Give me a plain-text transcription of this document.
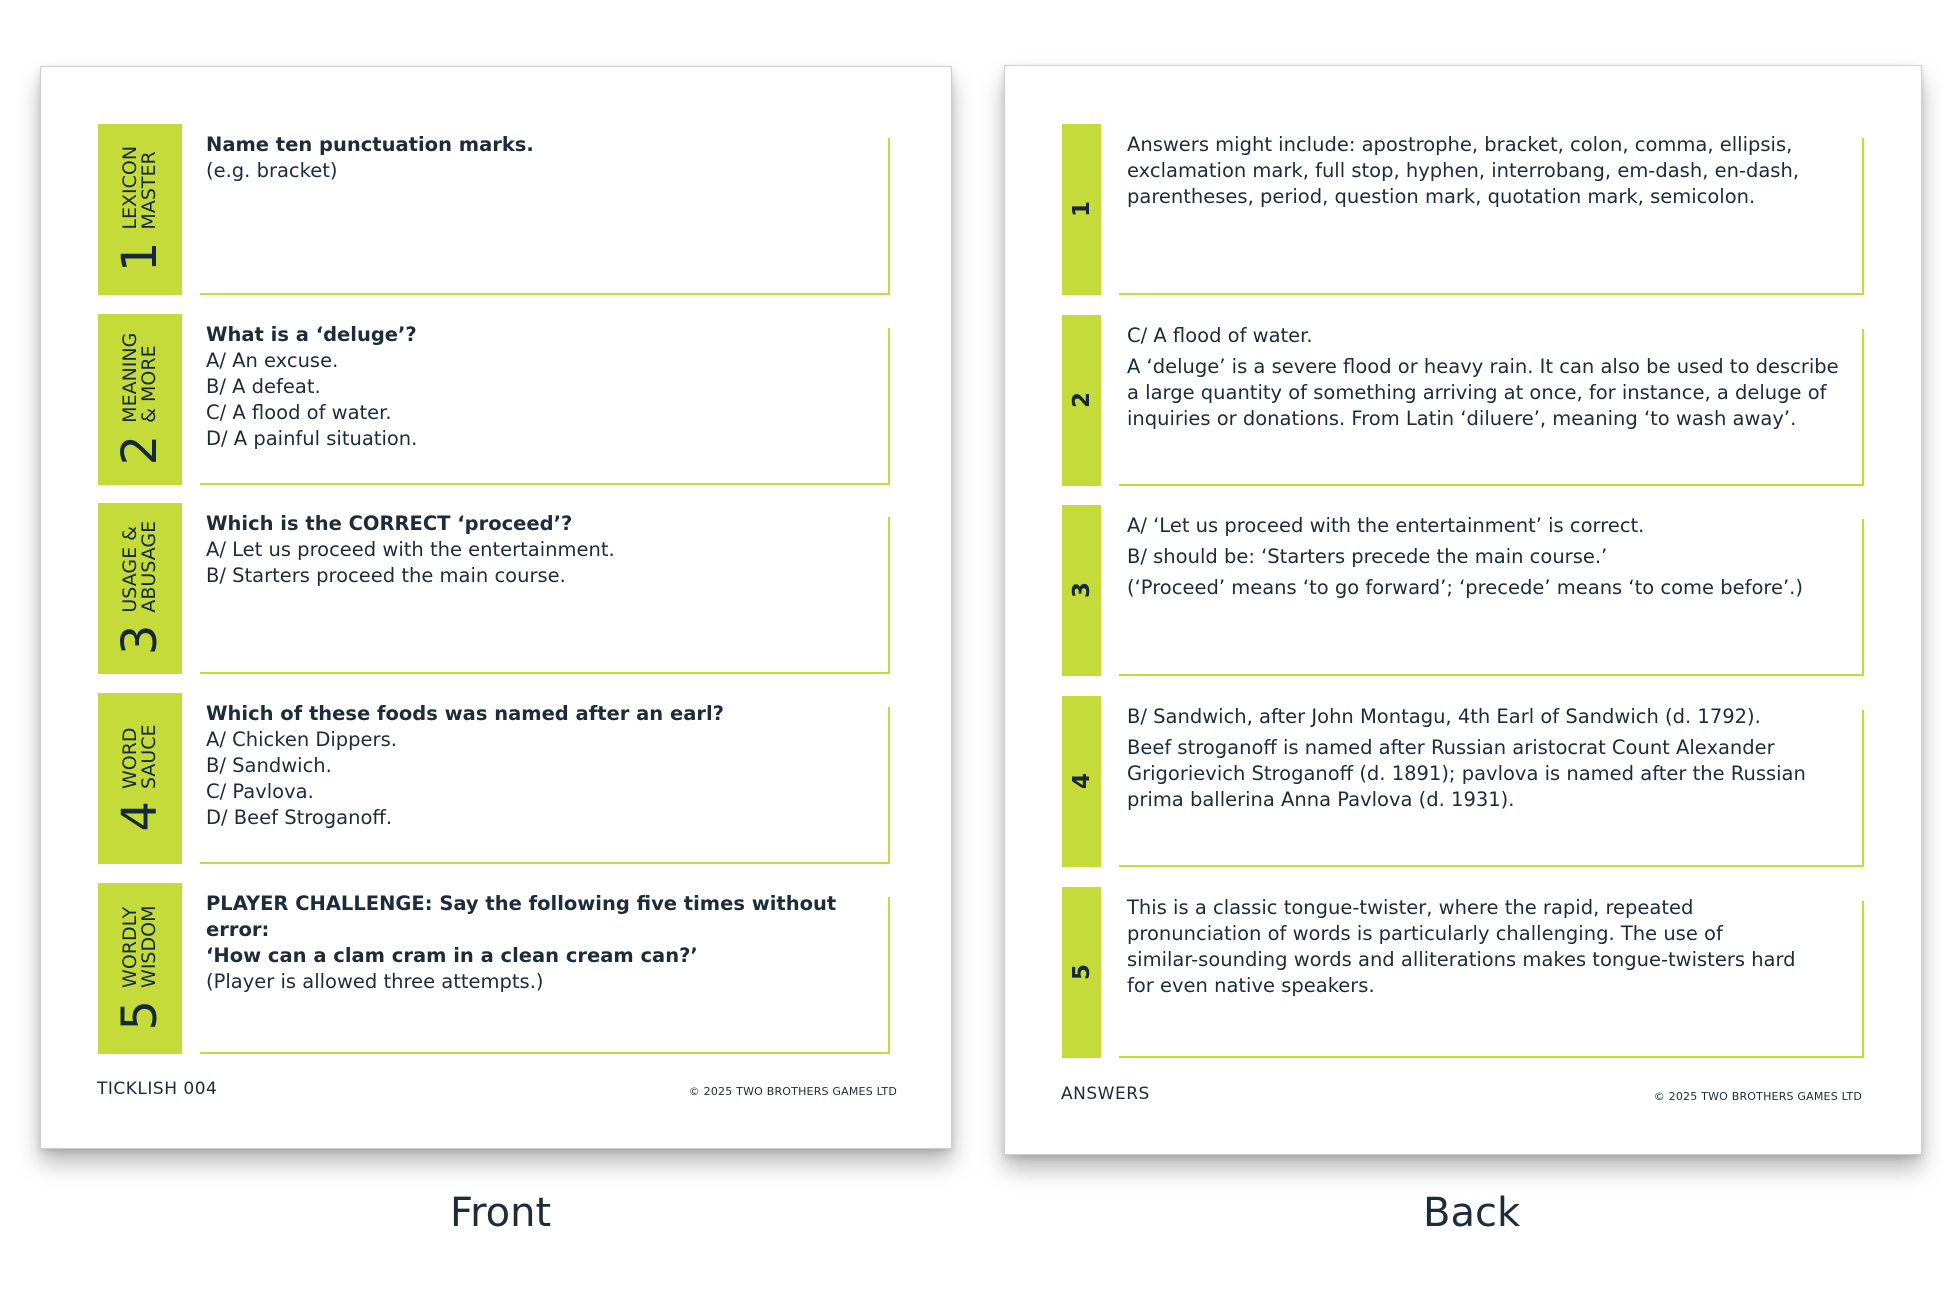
1
LEXICON
MASTER
Name ten punctuation marks.
(e.g. bracket)
2
MEANING
& MORE
What is a ‘deluge’?
A/ An excuse.
B/ A defeat.
C/ A flood of water.
D/ A painful situation.
3
USAGE &
ABUSAGE Which is the CORRECT ‘proceed’?
A/ Let us proceed with the entertainment.
B/ Starters proceed the main course.
4
WORD
SAUCE
Which of these foods was named after an earl?
A/ Chicken Dippers.
B/ Sandwich.
C/ Pavlova.
D/ Beef Stroganoff.
5
WORDLY
WISDOM
PLAYER CHALLENGE: Say the following five times without error:
‘How can a clam cram in a clean cream can?’
(Player is allowed three attempts.)
TICKLISH 004	© 2025 TWO BROTHERS GAMES LTD
1
Answers might include: apostrophe, bracket, colon, comma, ellipsis,
exclamation mark, full stop, hyphen, interrobang, em-dash, en-dash,
parentheses, period, question mark, quotation mark, semicolon.
2
C/ A flood of water.
A ‘deluge’ is a severe flood or heavy rain. It can also be used to describe
a large quantity of something arriving at once, for instance, a deluge of
inquiries or donations. From Latin ‘diluere’, meaning ‘to wash away’.
3
A/ ‘Let us proceed with the entertainment’ is correct.
B/ should be: ‘Starters precede the main course.’
(‘Proceed’ means ‘to go forward’; ‘precede’ means ‘to come before’.)
4
B/ Sandwich, after John Montagu, 4th Earl of Sandwich (d. 1792).
Beef stroganoff is named after Russian aristocrat Count Alexander
Grigorievich Stroganoff (d. 1891); pavlova is named after the Russian
prima ballerina Anna Pavlova (d. 1931).
5
This is a classic tongue-twister, where the rapid, repeated
pronunciation of words is particularly challenging. The use of
similar-sounding words and alliterations makes tongue-twisters hard
for even native speakers.
ANSWERS	© 2025 TWO BROTHERS GAMES LTD
Front	Back
